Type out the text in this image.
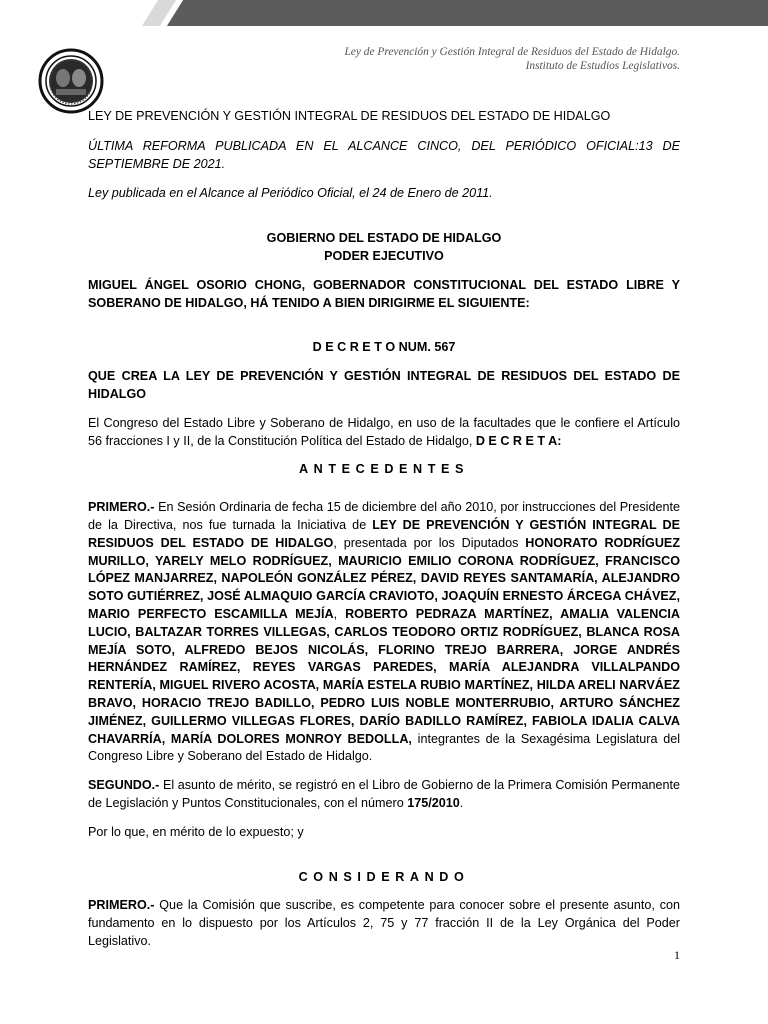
Ley de Prevención y Gestión Integral de Residuos del Estado de Hidalgo.
Instituto de Estudios Legislativos.

LEY DE PREVENCIÓN Y GESTIÓN INTEGRAL DE RESIDUOS DEL ESTADO DE HIDALGO

ÚLTIMA REFORMA PUBLICADA EN EL ALCANCE CINCO, DEL PERIÓDICO OFICIAL:13 DE SEPTIEMBRE DE 2021.

Ley publicada en el Alcance al Periódico Oficial, el 24 de Enero de 2011.

GOBIERNO DEL ESTADO DE HIDALGO

PODER EJECUTIVO

MIGUEL ÁNGEL OSORIO CHONG, GOBERNADOR CONSTITUCIONAL DEL ESTADO LIBRE Y SOBERANO DE HIDALGO, HÁ TENIDO A BIEN DIRIGIRME EL SIGUIENTE:

D E C R E T O NUM. 567

QUE CREA LA LEY DE PREVENCIÓN Y GESTIÓN INTEGRAL DE RESIDUOS DEL ESTADO DE HIDALGO

El Congreso del Estado Libre y Soberano de Hidalgo, en uso de la facultades que le confiere el Artículo 56 fracciones I y II, de la Constitución Política del Estado de Hidalgo, D E C R E T A:

ANTECEDENTES

PRIMERO.- En Sesión Ordinaria de fecha 15 de diciembre del año 2010, por instrucciones del Presidente de la Directiva, nos fue turnada la Iniciativa de LEY DE PREVENCIÓN Y GESTIÓN INTEGRAL DE RESIDUOS DEL ESTADO DE HIDALGO, presentada por los Diputados HONORATO RODRÍGUEZ MURILLO, YARELY MELO RODRÍGUEZ, MAURICIO EMILIO CORONA RODRÍGUEZ, FRANCISCO LÓPEZ MANJARREZ, NAPOLEÓN GONZÁLEZ PÉREZ, DAVID REYES SANTAMARÍA, ALEJANDRO SOTO GUTIÉRREZ, JOSÉ ALMAQUIO GARCÍA CRAVIOTO, JOAQUÍN ERNESTO ÁRCEGA CHÁVEZ, MARIO PERFECTO ESCAMILLA MEJÍA, ROBERTO PEDRAZA MARTÍNEZ, AMALIA VALENCIA LUCIO, BALTAZAR TORRES VILLEGAS, CARLOS TEODORO ORTIZ RODRÍGUEZ, BLANCA ROSA MEJÍA SOTO, ALFREDO BEJOS NICOLÁS, FLORINO TREJO BARRERA, JORGE ANDRÉS HERNÁNDEZ RAMÍREZ, REYES VARGAS PAREDES, MARÍA ALEJANDRA VILLALPANDO RENTERÍA, MIGUEL RIVERO ACOSTA, MARÍA ESTELA RUBIO MARTÍNEZ, HILDA ARELI NARVÁEZ BRAVO, HORACIO TREJO BADILLO, PEDRO LUIS NOBLE MONTERRUBIO, ARTURO SÁNCHEZ JIMÉNEZ, GUILLERMO VILLEGAS FLORES, DARÍO BADILLO RAMÍREZ, FABIOLA IDALIA CALVA CHAVARRÍA, MARÍA DOLORES MONROY BEDOLLA, integrantes de la Sexagésima Legislatura del Congreso Libre y Soberano del Estado de Hidalgo.

SEGUNDO.- El asunto de mérito, se registró en el Libro de Gobierno de la Primera Comisión Permanente de Legislación y Puntos Constitucionales, con el número 175/2010.

Por lo que, en mérito de lo expuesto; y

CONSIDERANDO

PRIMERO.- Que la Comisión que suscribe, es competente para conocer sobre el presente asunto, con fundamento en lo dispuesto por los Artículos 2, 75 y 77 fracción II de la Ley Orgánica del Poder Legislativo.

1
